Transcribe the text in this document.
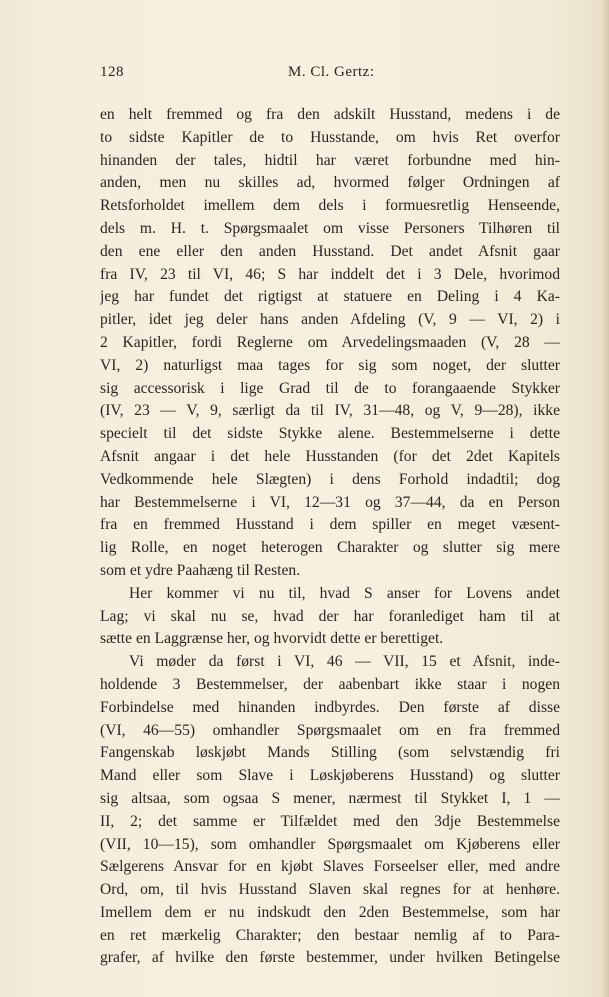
128	M. Cl. Gertz:
en helt fremmed og fra den adskilt Husstand, medens i de
to sidste Kapitler de to Husstande, om hvis Ret overfor
hinanden der tales, hidtil har været forbundne med hin-
anden, men nu skilles ad, hvormed følger Ordningen af
Retsforholdet imellem dem dels i formuesretlig Henseende,
dels m. H. t. Spørgsmaalet om visse Personers Tilhøren til
den ene eller den anden Husstand. Det andet Afsnit gaar
fra IV, 23 til VI, 46; S har inddelt det i 3 Dele, hvorimod
jeg har fundet det rigtigst at statuere en Deling i 4 Ka-
pitler, idet jeg deler hans anden Afdeling (V, 9 — VI, 2) i
2 Kapitler, fordi Reglerne om Arvedelingsmaaden (V, 28 —
VI, 2) naturligst maa tages for sig som noget, der slutter
sig accessorisk i lige Grad til de to forangaaende Stykker
(IV, 23 — V, 9, særligt da til IV, 31—48, og V, 9—28), ikke
specielt til det sidste Stykke alene. Bestemmelserne i dette
Afsnit angaar i det hele Husstanden (for det 2det Kapitels
Vedkommende hele Slægten) i dens Forhold indadtil; dog
har Bestemmelserne i VI, 12—31 og 37—44, da en Person
fra en fremmed Husstand i dem spiller en meget væsent-
lig Rolle, en noget heterogen Charakter og slutter sig mere
som et ydre Paahæng til Resten.
Her kommer vi nu til, hvad S anser for Lovens andet
Lag; vi skal nu se, hvad der har foranlediget ham til at
sætte en Laggrænse her, og hvorvidt dette er berettiget.
Vi møder da først i VI, 46 — VII, 15 et Afsnit, inde-
holdende 3 Bestemmelser, der aabenbart ikke staar i nogen
Forbindelse med hinanden indbyrdes. Den første af disse
(VI, 46—55) omhandler Spørgsmaalet om en fra fremmed
Fangenskab løskjøbt Mands Stilling (som selvstændig fri
Mand eller som Slave i Løskjøberens Husstand) og slutter
sig altsaa, som ogsaa S mener, nærmest til Stykket I, 1 —
II, 2; det samme er Tilfældet med den 3dje Bestemmelse
(VII, 10—15), som omhandler Spørgsmaalet om Kjøberens eller
Sælgerens Ansvar for en kjøbt Slaves Forseelser eller, med andre
Ord, om, til hvis Husstand Slaven skal regnes for at henhøre.
Imellem dem er nu indskudt den 2den Bestemmelse, som har
en ret mærkelig Charakter; den bestaar nemlig af to Para-
grafer, af hvilke den første bestemmer, under hvilken Betingelse
